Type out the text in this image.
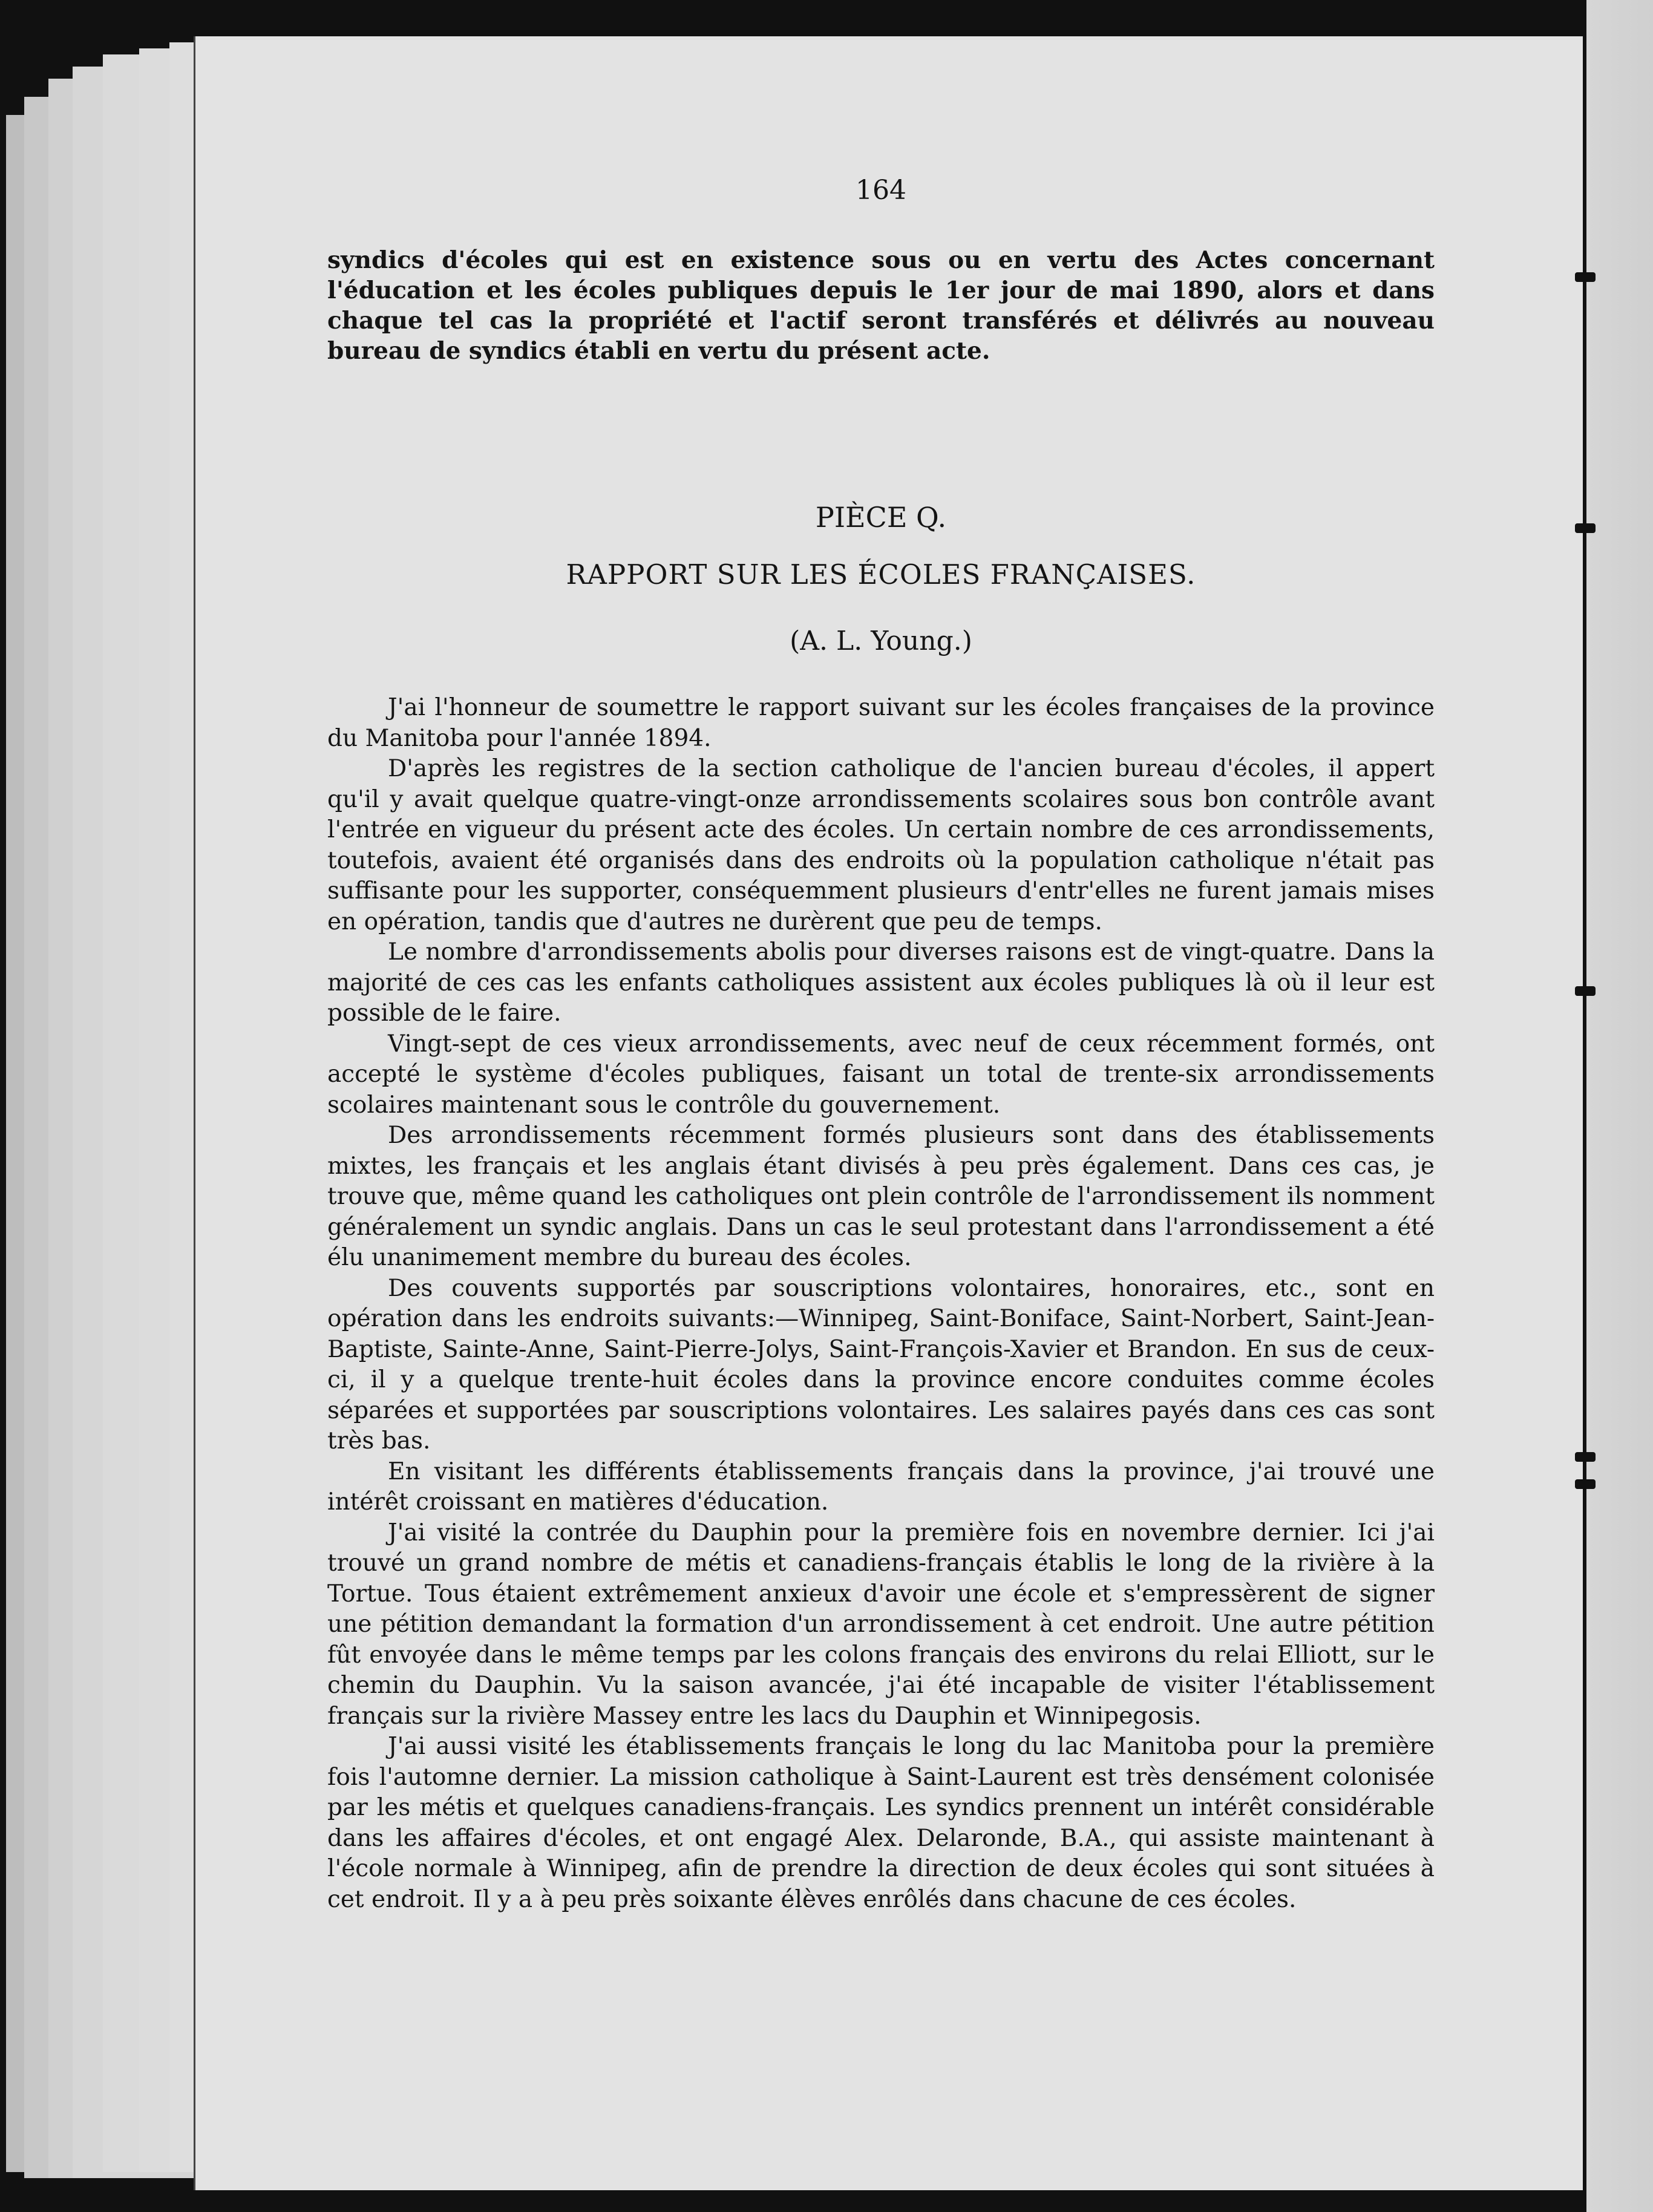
164

syndics d'écoles qui est en existence sous ou en vertu des Actes concernant l'éducation et les écoles publiques depuis le 1er jour de mai 1890, alors et dans chaque tel cas la propriété et l'actif seront transférés et délivrés au nouveau bureau de syndics établi en vertu du présent acte.

PIÈCE Q.
RAPPORT SUR LES ÉCOLES FRANÇAISES.
(A. L. Young.)

J'ai l'honneur de soumettre le rapport suivant sur les écoles françaises de la province du Manitoba pour l'année 1894.

D'après les registres de la section catholique de l'ancien bureau d'écoles, il appert qu'il y avait quelque quatre-vingt-onze arrondissements scolaires sous bon contrôle avant l'entrée en vigueur du présent acte des écoles. Un certain nombre de ces arrondissements, toutefois, avaient été organisés dans des endroits où la population catholique n'était pas suffisante pour les supporter, conséquemment plusieurs d'entr'elles ne furent jamais mises en opération, tandis que d'autres ne durèrent que peu de temps.

Le nombre d'arrondissements abolis pour diverses raisons est de vingt-quatre. Dans la majorité de ces cas les enfants catholiques assistent aux écoles publiques là où il leur est possible de le faire.

Vingt-sept de ces vieux arrondissements, avec neuf de ceux récemment formés, ont accepté le système d'écoles publiques, faisant un total de trente-six arrondissements scolaires maintenant sous le contrôle du gouvernement.

Des arrondissements récemment formés plusieurs sont dans des établissements mixtes, les français et les anglais étant divisés à peu près également. Dans ces cas, je trouve que, même quand les catholiques ont plein contrôle de l'arrondissement ils nomment généralement un syndic anglais. Dans un cas le seul protestant dans l'arrondissement a été élu unanimement membre du bureau des écoles.

Des couvents supportés par souscriptions volontaires, honoraires, etc., sont en opération dans les endroits suivants:—Winnipeg, Saint-Boniface, Saint-Norbert, Saint-Jean-Baptiste, Sainte-Anne, Saint-Pierre-Jolys, Saint-François-Xavier et Brandon. En sus de ceux-ci, il y a quelque trente-huit écoles dans la province encore conduites comme écoles séparées et supportées par souscriptions volontaires. Les salaires payés dans ces cas sont très bas.

En visitant les différents établissements français dans la province, j'ai trouvé une intérêt croissant en matières d'éducation.

J'ai visité la contrée du Dauphin pour la première fois en novembre dernier. Ici j'ai trouvé un grand nombre de métis et canadiens-français établis le long de la rivière à la Tortue. Tous étaient extrêmement anxieux d'avoir une école et s'empressèrent de signer une pétition demandant la formation d'un arrondissement à cet endroit. Une autre pétition fût envoyée dans le même temps par les colons français des environs du relai Elliott, sur le chemin du Dauphin. Vu la saison avancée, j'ai été incapable de visiter l'établissement français sur la rivière Massey entre les lacs du Dauphin et Winnipegosis.

J'ai aussi visité les établissements français le long du lac Manitoba pour la première fois l'automne dernier. La mission catholique à Saint-Laurent est très densément colonisée par les métis et quelques canadiens-français. Les syndics prennent un intérêt considérable dans les affaires d'écoles, et ont engagé Alex. Delaronde, B.A., qui assiste maintenant à l'école normale à Winnipeg, afin de prendre la direction de deux écoles qui sont situées à cet endroit. Il y a à peu près soixante élèves enrôlés dans chacune de ces écoles.
